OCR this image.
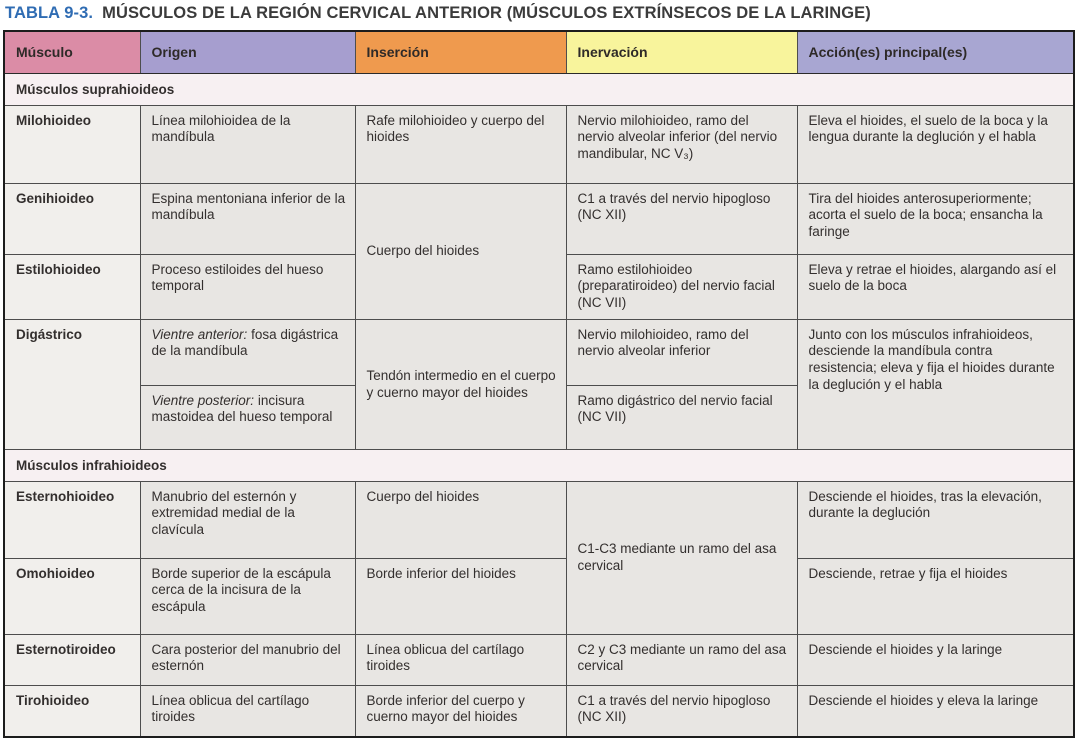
TABLA 9-3. MÚSCULOS DE LA REGIÓN CERVICAL ANTERIOR (MÚSCULOS EXTRÍNSECOS DE LA LARINGE)
Músculo	Origen	Inserción	Inervación	Acción(es) principal(es)
Músculos suprahioideos				
Milohioideo	Línea milohioidea de la mandíbula	Rafe milohioideo y cuerpo del hioides	Nervio milohioideo, ramo del nervio alveolar inferior (del nervio mandibular, NC V₃)	Eleva el hioides, el suelo de la boca y la lengua durante la deglución y el habla
Genihioideo	Espina mentoniana inferior de la mandíbula	Cuerpo del hioides	C1 a través del nervio hipogloso (NC XII)	Tira del hioides anterosuperiormente; acorta el suelo de la boca; ensancha la faringe
Estilohioideo	Proceso estiloides del hueso temporal		Ramo estilohioideo (preparatiroideo) del nervio facial (NC VII)	Eleva y retrae el hioides, alargando así el suelo de la boca
Digástrico	Vientre anterior: fosa digástrica de la mandíbula	Tendón intermedio en el cuerpo y cuerno mayor del hioides	Nervio milohioideo, ramo del nervio alveolar inferior	Junto con los músculos infrahioideos, desciende la mandíbula contra resistencia; eleva y fija el hioides durante la deglución y el habla
	Vientre posterior: incisura mastoidea del hueso temporal		Ramo digástrico del nervio facial (NC VII)	
Músculos infrahioideos				
Esternohioideo	Manubrio del esternón y extremidad medial de la clavícula	Cuerpo del hioides	C1-C3 mediante un ramo del asa cervical	Desciende el hioides, tras la elevación, durante la deglución
Omohioideo	Borde superior de la escápula cerca de la incisura de la escápula	Borde inferior del hioides		Desciende, retrae y fija el hioides
Esternotiroideo	Cara posterior del manubrio del esternón	Línea oblicua del cartílago tiroides	C2 y C3 mediante un ramo del asa cervical	Desciende el hioides y la laringe
Tirohioideo	Línea oblicua del cartílago tiroides	Borde inferior del cuerpo y cuerno mayor del hioides	C1 a través del nervio hipogloso (NC XII)	Desciende el hioides y eleva la laringe
